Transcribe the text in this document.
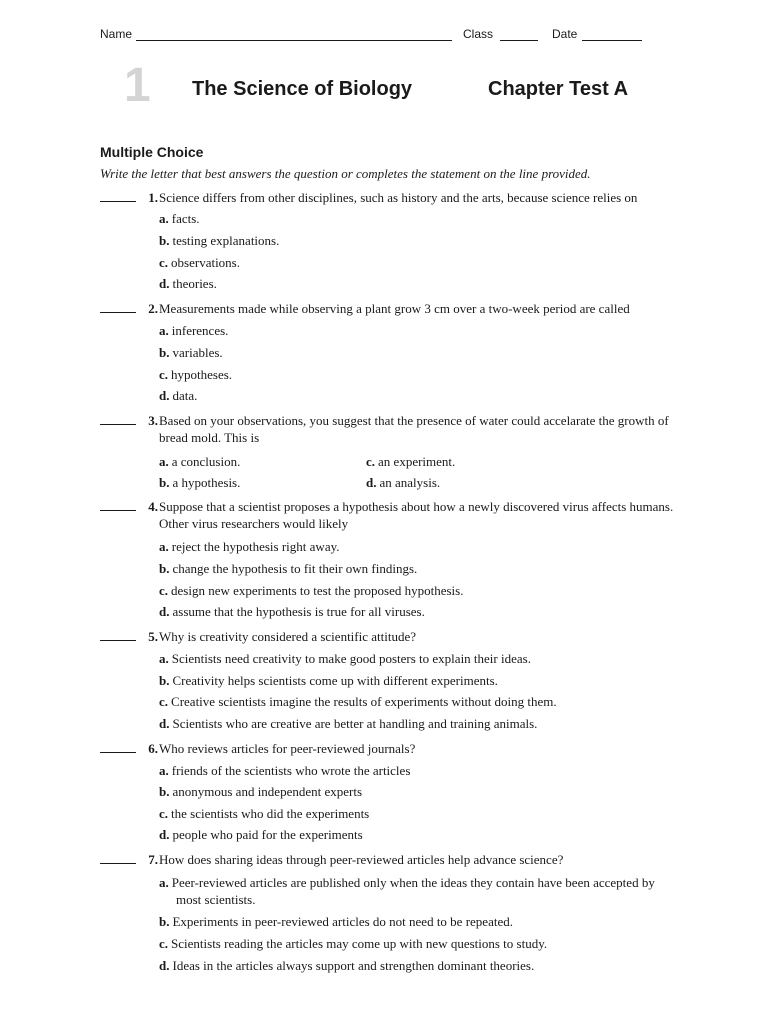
Name	Class	Date
1 The Science of Biology	Chapter Test A
Multiple Choice
Write the letter that best answers the question or completes the statement on the line provided.
1. Science differs from other disciplines, such as history and the arts, because science relies on
a. facts.
b. testing explanations.
c. observations.
d. theories.
2. Measurements made while observing a plant grow 3 cm over a two-week period are called
a. inferences.
b. variables.
c. hypotheses.
d. data.
3. Based on your observations, you suggest that the presence of water could accelarate the growth of bread mold. This is
a. a conclusion.
b. a hypothesis.
c. an experiment.
d. an analysis.
4. Suppose that a scientist proposes a hypothesis about how a newly discovered virus affects humans. Other virus researchers would likely
a. reject the hypothesis right away.
b. change the hypothesis to fit their own findings.
c. design new experiments to test the proposed hypothesis.
d. assume that the hypothesis is true for all viruses.
5. Why is creativity considered a scientific attitude?
a. Scientists need creativity to make good posters to explain their ideas.
b. Creativity helps scientists come up with different experiments.
c. Creative scientists imagine the results of experiments without doing them.
d. Scientists who are creative are better at handling and training animals.
6. Who reviews articles for peer-reviewed journals?
a. friends of the scientists who wrote the articles
b. anonymous and independent experts
c. the scientists who did the experiments
d. people who paid for the experiments
7. How does sharing ideas through peer-reviewed articles help advance science?
a. Peer-reviewed articles are published only when the ideas they contain have been accepted by most scientists.
b. Experiments in peer-reviewed articles do not need to be repeated.
c. Scientists reading the articles may come up with new questions to study.
d. Ideas in the articles always support and strengthen dominant theories.
